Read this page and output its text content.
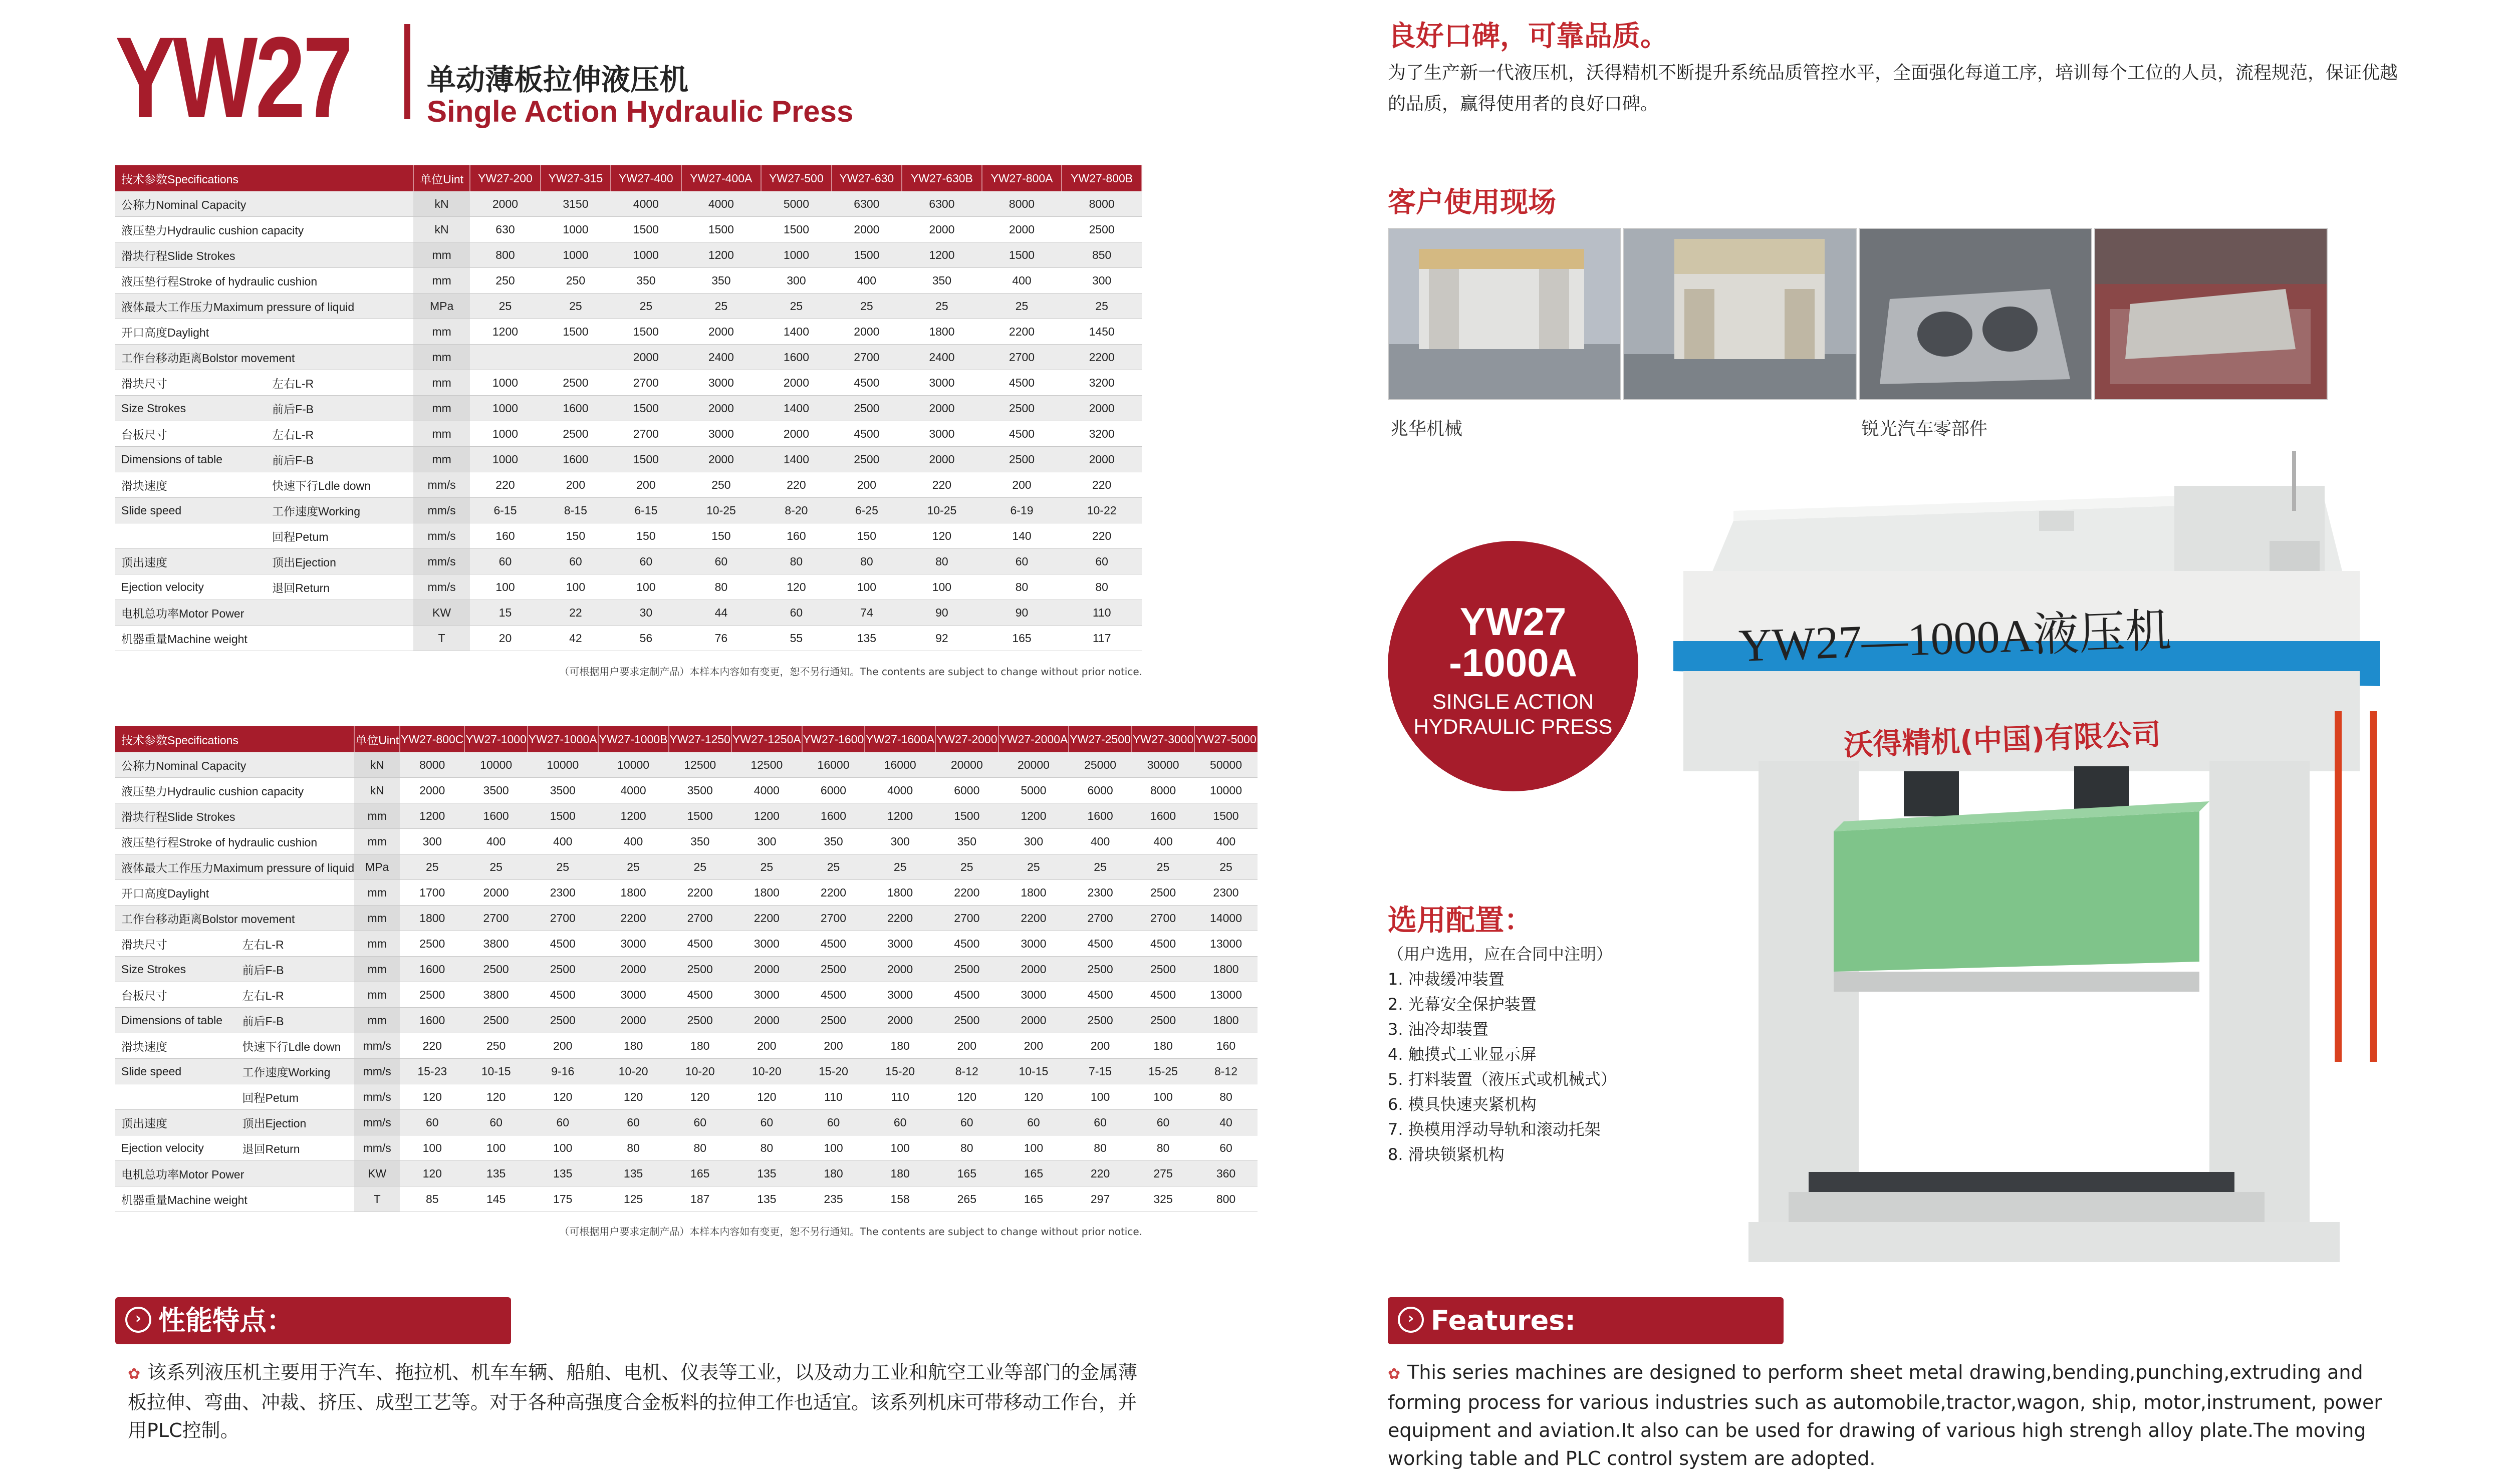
YW27	单动薄板拉伸液压机
Single Action Hydraulic Press
技术参数Specifications		单位Uint	YW27-200	YW27-315	YW27-400	YW27-400A	YW27-500	YW27-630	YW27-630B	YW27-800A	YW27-800B
公称力Nominal Capacity		kN	2000	3150	4000	4000	5000	6300	6300	8000	8000
液压垫力Hydraulic cushion capacity		kN	630	1000	1500	1500	1500	2000	2000	2000	2500
滑块行程Slide Strokes		mm	800	1000	1000	1200	1000	1500	1200	1500	850
液压垫行程Stroke of hydraulic cushion		mm	250	250	350	350	300	400	350	400	300
液体最大工作压力Maximum pressure of liquid		MPa	25	25	25	25	25	25	25	25	25
开口高度Daylight		mm	1200	1500	1500	2000	1400	2000	1800	2200	1450
工作台移动距离Bolstor movement		mm			2000	2400	1600	2700	2400	2700	2200
滑块尺寸	左右L-R	mm	1000	2500	2700	3000	2000	4500	3000	4500	3200
Size Strokes	前后F-B	mm	1000	1600	1500	2000	1400	2500	2000	2500	2000
台板尺寸	左右L-R	mm	1000	2500	2700	3000	2000	4500	3000	4500	3200
Dimensions of table	前后F-B	mm	1000	1600	1500	2000	1400	2500	2000	2500	2000
滑块速度	快速下行Ldle down	mm/s	220	200	200	250	220	200	220	200	220
Slide speed	工作速度Working	mm/s	6-15	8-15	6-15	10-25	8-20	6-25	10-25	6-19	10-22
	回程Petum	mm/s	160	150	150	150	160	150	120	140	220
顶出速度	顶出Ejection	mm/s	60	60	60	60	80	80	80	60	60
Ejection velocity	退回Return	mm/s	100	100	100	80	120	100	100	80	80
电机总功率Motor Power		KW	15	22	30	44	60	74	90	90	110
机器重量Machine weight		T	20	42	56	76	55	135	92	165	117
（可根据用户要求定制产品）本样本内容如有变更，恕不另行通知。The contents are subject to change without prior notice.
技术参数Specifications		单位Uint	YW27-800C	YW27-1000	YW27-1000A	YW27-1000B	YW27-1250	YW27-1250A	YW27-1600	YW27-1600A	YW27-2000	YW27-2000A	YW27-2500	YW27-3000	YW27-5000
公称力Nominal Capacity		kN	8000	10000	10000	10000	12500	12500	16000	16000	20000	20000	25000	30000	50000
液压垫力Hydraulic cushion capacity		kN	2000	3500	3500	4000	3500	4000	6000	4000	6000	5000	6000	8000	10000
滑块行程Slide Strokes		mm	1200	1600	1500	1200	1500	1200	1600	1200	1500	1200	1600	1600	1500
液压垫行程Stroke of hydraulic cushion		mm	300	400	400	400	350	300	350	300	350	300	400	400	400
液体最大工作压力Maximum pressure of liquid		MPa	25	25	25	25	25	25	25	25	25	25	25	25	25
开口高度Daylight		mm	1700	2000	2300	1800	2200	1800	2200	1800	2200	1800	2300	2500	2300
工作台移动距离Bolstor movement		mm	1800	2700	2700	2200	2700	2200	2700	2200	2700	2200	2700	2700	14000
滑块尺寸	左右L-R	mm	2500	3800	4500	3000	4500	3000	4500	3000	4500	3000	4500	4500	13000
Size Strokes	前后F-B	mm	1600	2500	2500	2000	2500	2000	2500	2000	2500	2000	2500	2500	1800
台板尺寸	左右L-R	mm	2500	3800	4500	3000	4500	3000	4500	3000	4500	3000	4500	4500	13000
Dimensions of table	前后F-B	mm	1600	2500	2500	2000	2500	2000	2500	2000	2500	2000	2500	2500	1800
滑块速度	快速下行Ldle down	mm/s	220	250	200	180	180	200	200	180	200	200	200	180	160
Slide speed	工作速度Working	mm/s	15-23	10-15	9-16	10-20	10-20	10-20	15-20	15-20	8-12	10-15	7-15	15-25	8-12
	回程Petum	mm/s	120	120	120	120	120	120	110	110	120	120	100	100	80
顶出速度	顶出Ejection	mm/s	60	60	60	60	60	60	60	60	60	60	60	60	40
Ejection velocity	退回Return	mm/s	100	100	100	80	80	80	100	100	80	100	80	80	60
电机总功率Motor Power		KW	120	135	135	135	165	135	180	180	165	165	220	275	360
机器重量Machine weight		T	85	145	175	125	187	135	235	158	265	165	297	325	800
（可根据用户要求定制产品）本样本内容如有变更，恕不另行通知。The contents are subject to change without prior notice.
› 性能特点：
✿ 该系列液压机主要用于汽车、拖拉机、机车车辆、船舶、电机、仪表等工业，以及动力工业和航空工业等部门的金属薄板拉伸、弯曲、冲裁、挤压、成型工艺等。对于各种高强度合金板料的拉伸工作也适宜。该系列机床可带移动工作台，并用PLC控制。
良好口碑，可靠品质。
为了生产新一代液压机，沃得精机不断提升系统品质管控水平，全面强化每道工序，培训每个工位的人员，流程规范，保证优越的品质，赢得使用者的良好口碑。
客户使用现场
兆华机械	锐光汽车零部件
YW27—1000A液压机
沃得精机(中国)有限公司
YW27
-1000A
SINGLE ACTION
HYDRAULIC PRESS
选用配置：
（用户选用，应在合同中注明）
1. 冲裁缓冲装置
2. 光幕安全保护装置
3. 油冷却装置
4. 触摸式工业显示屏
5. 打料装置（液压式或机械式）
6. 模具快速夹紧机构
7. 换模用浮动导轨和滚动托架
8. 滑块锁紧机构
› Features:
✿ This series machines are designed to perform sheet metal drawing,bending,punching,extruding and forming process for various industries such as automobile,tractor,wagon, ship, motor,instrument, power equipment and aviation.It also can be used for drawing of various high strengh alloy plate.The moving working table and PLC control system are adopted.
